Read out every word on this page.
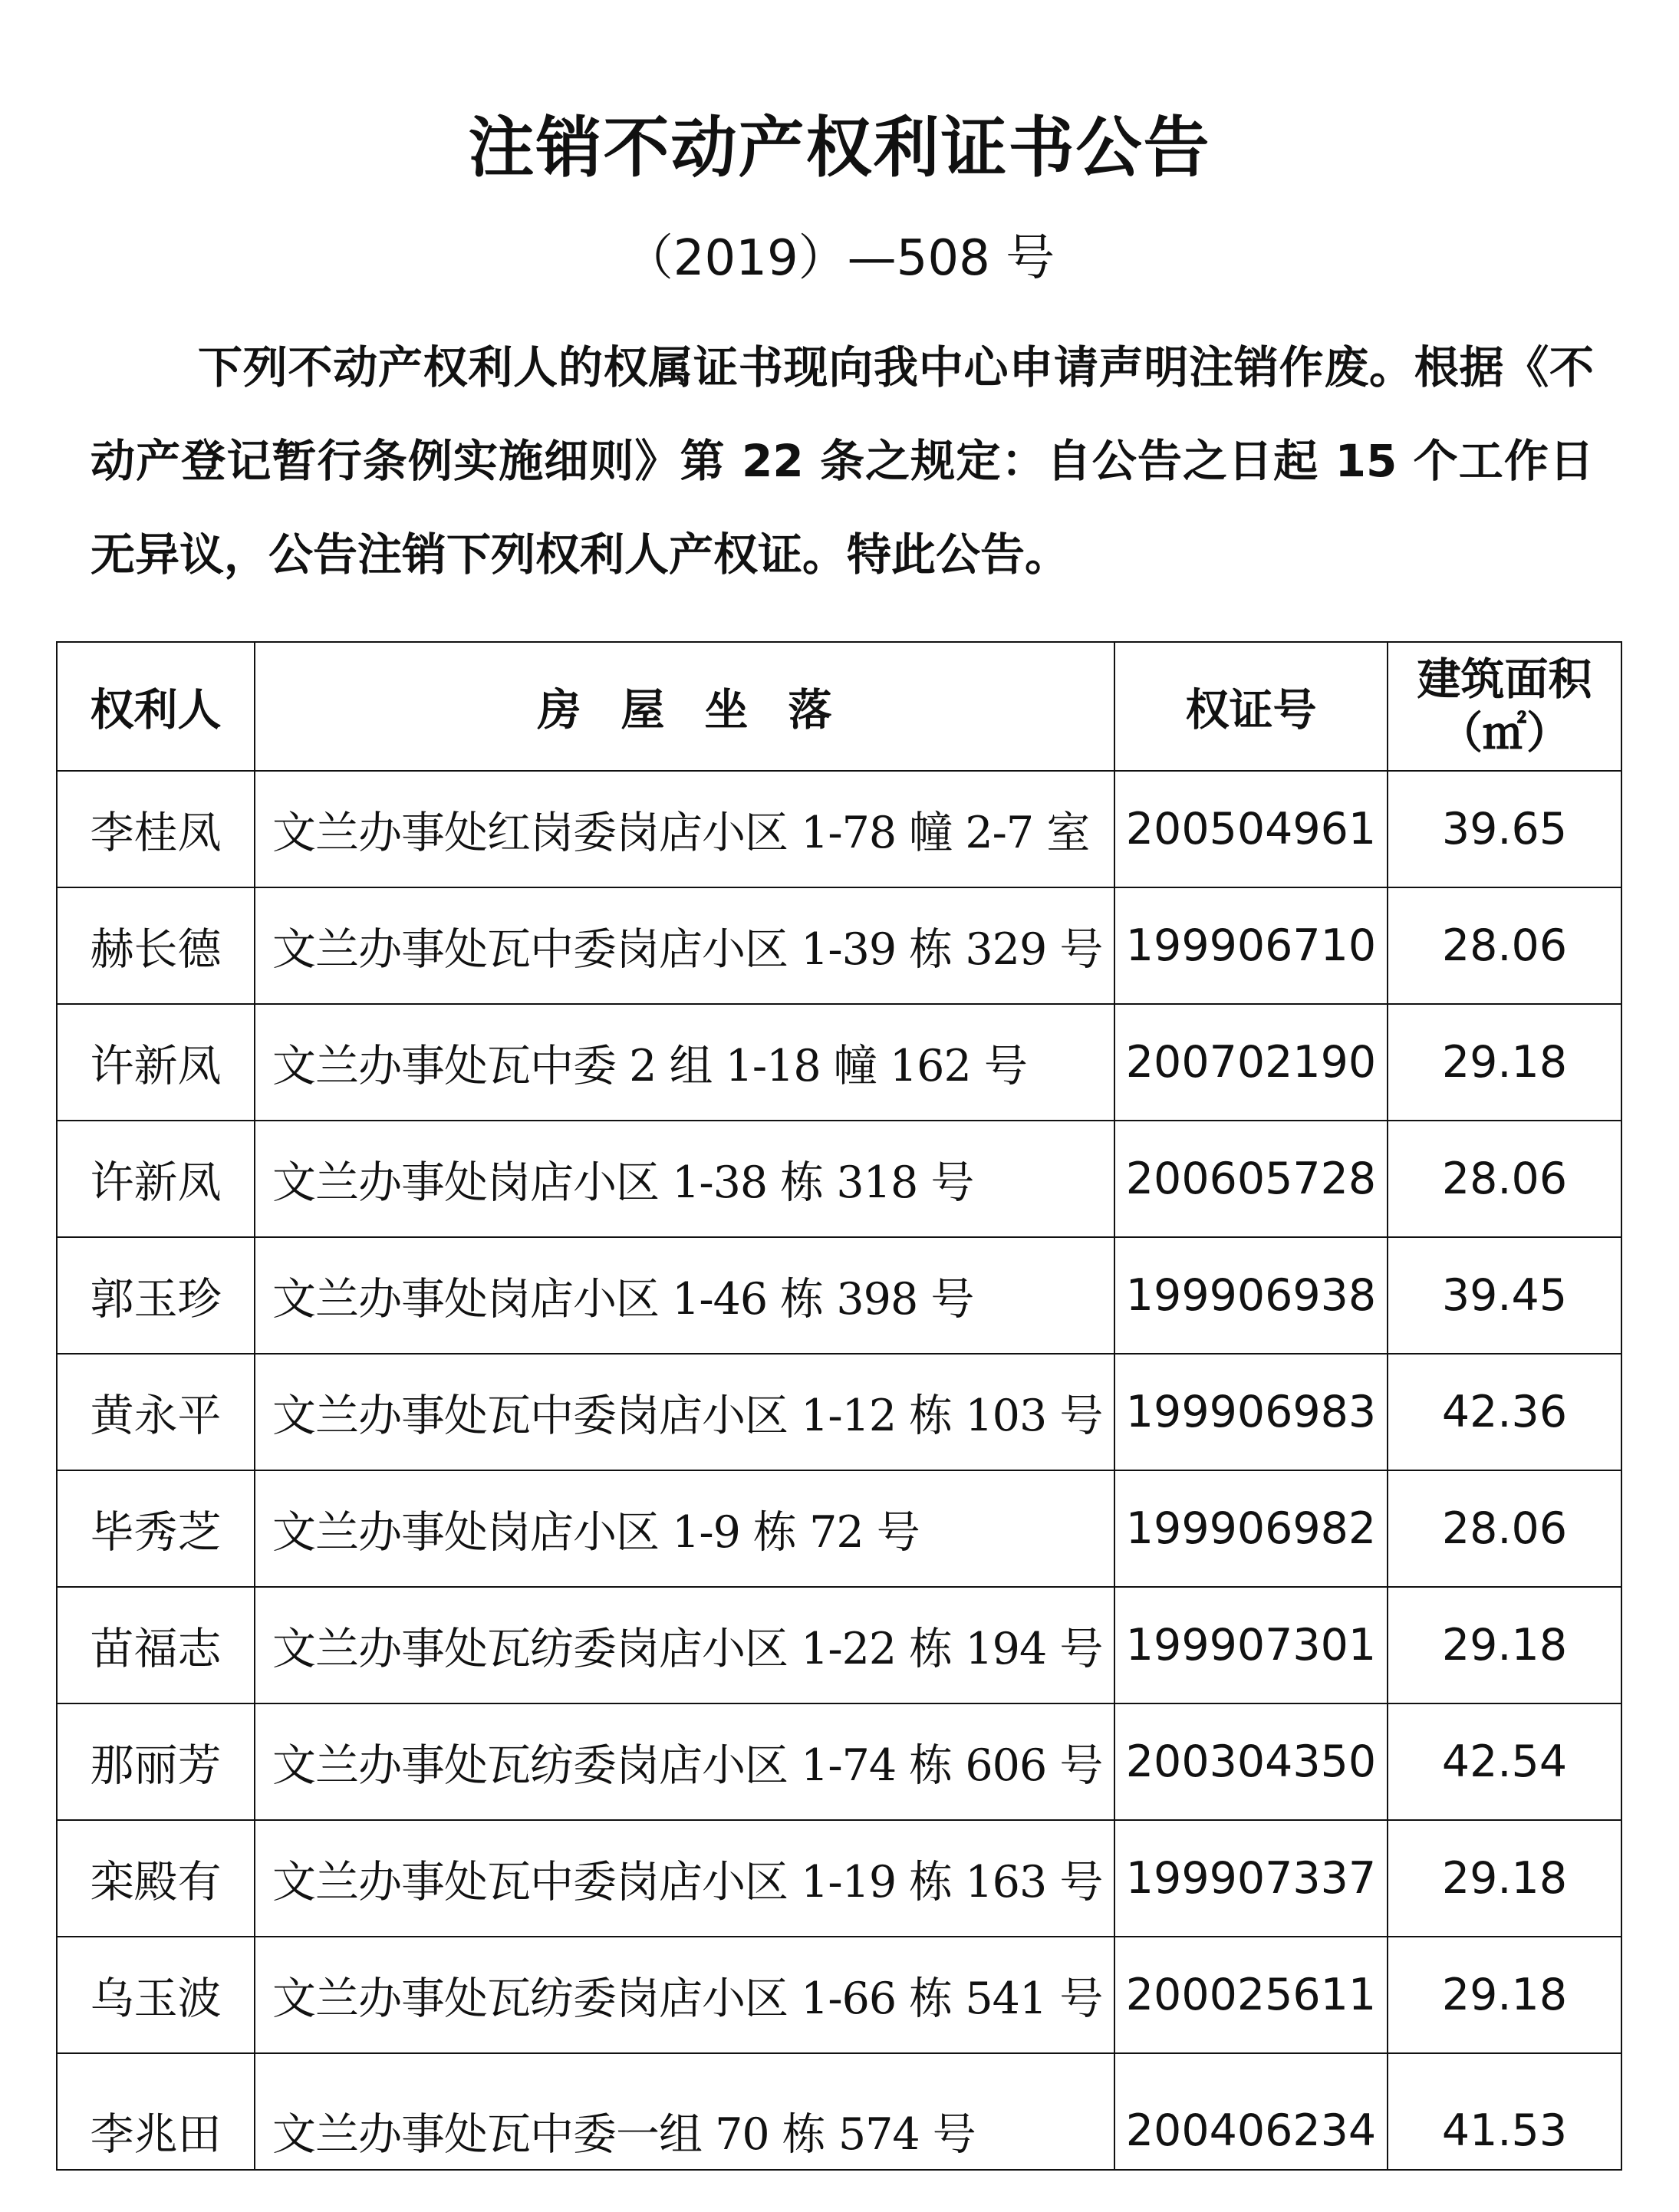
注销不动产权利证书公告
（2019）—508 号

下列不动产权利人的权属证书现向我中心申请声明注销作废。根据《不动产登记暂行条例实施细则》第 22 条之规定：自公告之日起 15 个工作日无异议，公告注销下列权利人产权证。特此公告。

权利人	房屋坐落	权证号	建筑面积
（㎡）

李桂凤	文兰办事处红岗委岗店小区 1-78 幢 2-7 室	200504961	39.65
赫长德	文兰办事处瓦中委岗店小区 1-39 栋 329 号	199906710	28.06
许新凤	文兰办事处瓦中委 2 组 1-18 幢 162 号	200702190	29.18
许新凤	文兰办事处岗店小区 1-38 栋 318 号	200605728	28.06
郭玉珍	文兰办事处岗店小区 1-46 栋 398 号	199906938	39.45
黄永平	文兰办事处瓦中委岗店小区 1-12 栋 103 号	199906983	42.36
毕秀芝	文兰办事处岗店小区 1-9 栋 72 号	199906982	28.06
苗福志	文兰办事处瓦纺委岗店小区 1-22 栋 194 号	199907301	29.18
那丽芳	文兰办事处瓦纺委岗店小区 1-74 栋 606 号	200304350	42.54
栾殿有	文兰办事处瓦中委岗店小区 1-19 栋 163 号	199907337	29.18
乌玉波	文兰办事处瓦纺委岗店小区 1-66 栋 541 号	200025611	29.18
李兆田	文兰办事处瓦中委一组 70 栋 574 号	200406234	41.53
